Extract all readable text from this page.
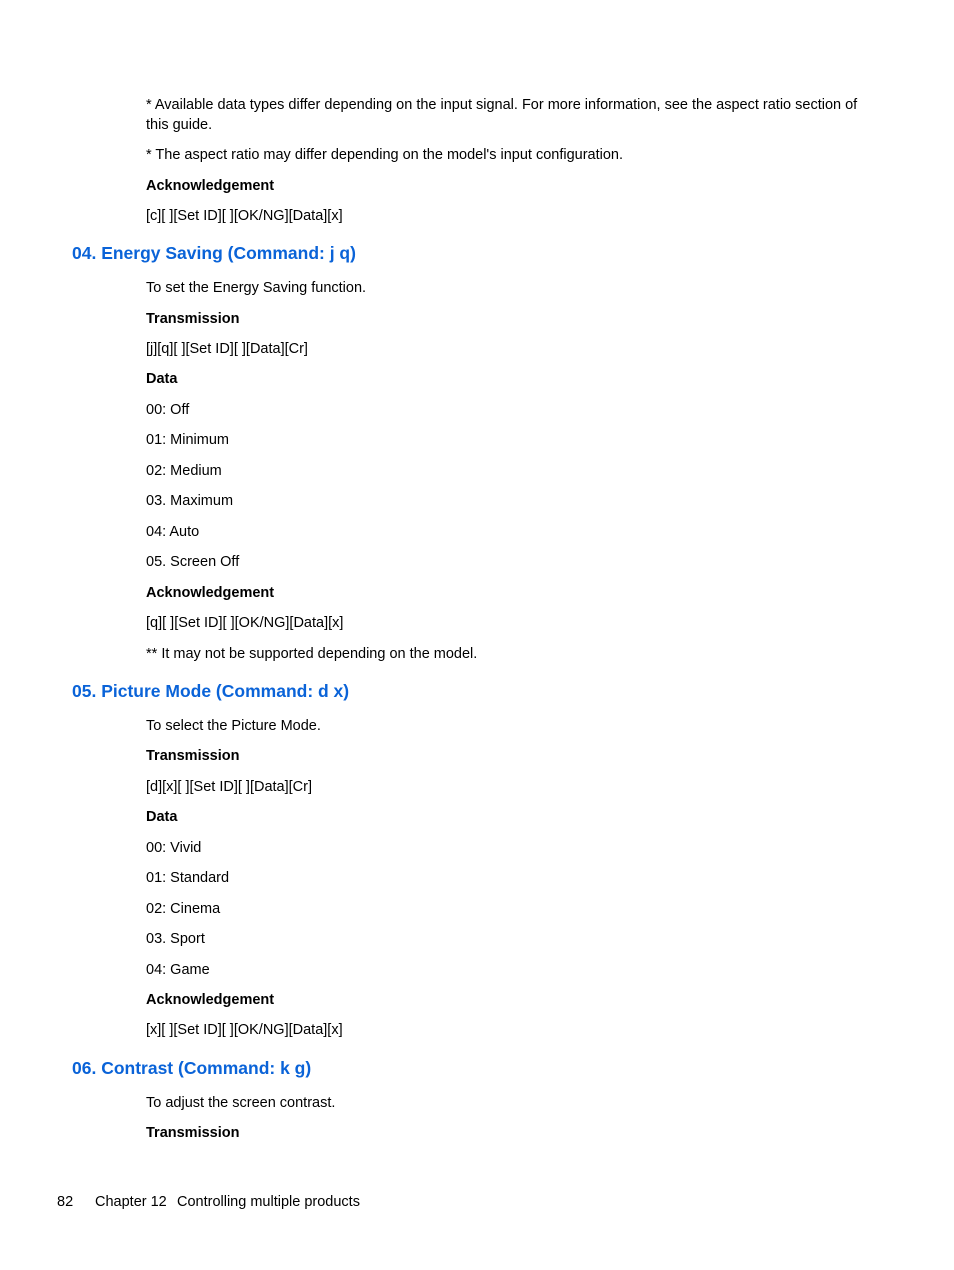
* Available data types differ depending on the input signal. For more information, see the aspect ratio section of this guide.
* The aspect ratio may differ depending on the model's input configuration.
Acknowledgement
[c][ ][Set ID][ ][OK/NG][Data][x]
04. Energy Saving (Command: j q)
To set the Energy Saving function.
Transmission
[j][q][ ][Set ID][ ][Data][Cr]
Data
00: Off
01: Minimum
02: Medium
03. Maximum
04: Auto
05. Screen Off
Acknowledgement
[q][ ][Set ID][ ][OK/NG][Data][x]
** It may not be supported depending on the model.
05. Picture Mode (Command: d x)
To select the Picture Mode.
Transmission
[d][x][ ][Set ID][ ][Data][Cr]
Data
00: Vivid
01: Standard
02: Cinema
03. Sport
04: Game
Acknowledgement
[x][ ][Set ID][ ][OK/NG][Data][x]
06. Contrast (Command: k g)
To adjust the screen contrast.
Transmission
82 Chapter 12 Controlling multiple products
